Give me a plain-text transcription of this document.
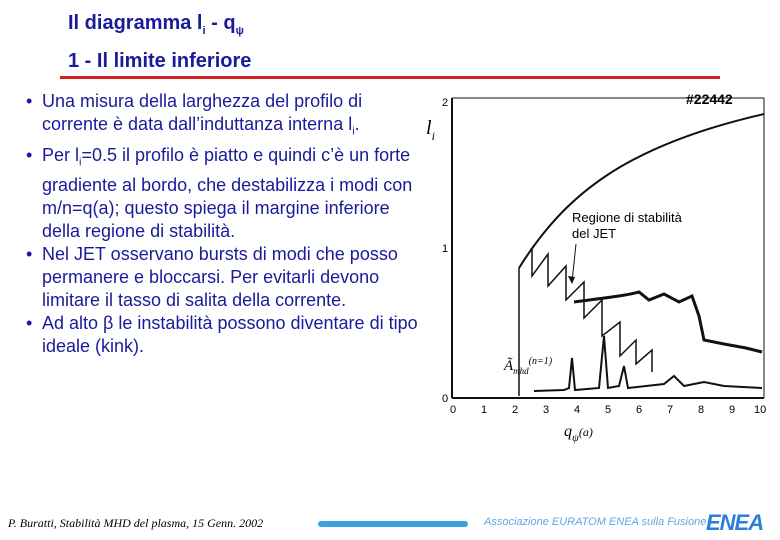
Il diagramma $l_i - q_\psi$
1 - Il limite inferiore
• Una misura della larghezza del profilo di corrente è data dall’induttanza interna $l_i$.
• Per $l_i=0.5$ il profilo è piatto e quindi c’è un forte gradiente al bordo, che destabilizza i modi con m/n=q(a); questo spiega il margine inferiore della regione di stabilità.
• Nel JET osservano bursts di modi che posso permanere e bloccarsi. Per evitarli devono limitare il tasso di salita della corrente.
• Ad alto β le instabilità possono diventare di tipo ideale (kink).
2
1
0
0 1 2 3 4 5 6 7 8 9 10
#22442
$l_i$
$q_\psi^{(a)}$
$Ã_{mhd}^{(n=1)}$
Regione di stabilità
del JET
P. Buratti, Stabilità MHD del plasma, 15 Genn. 2002	Associazione EURATOM ENEA sulla Fusione ENEA
